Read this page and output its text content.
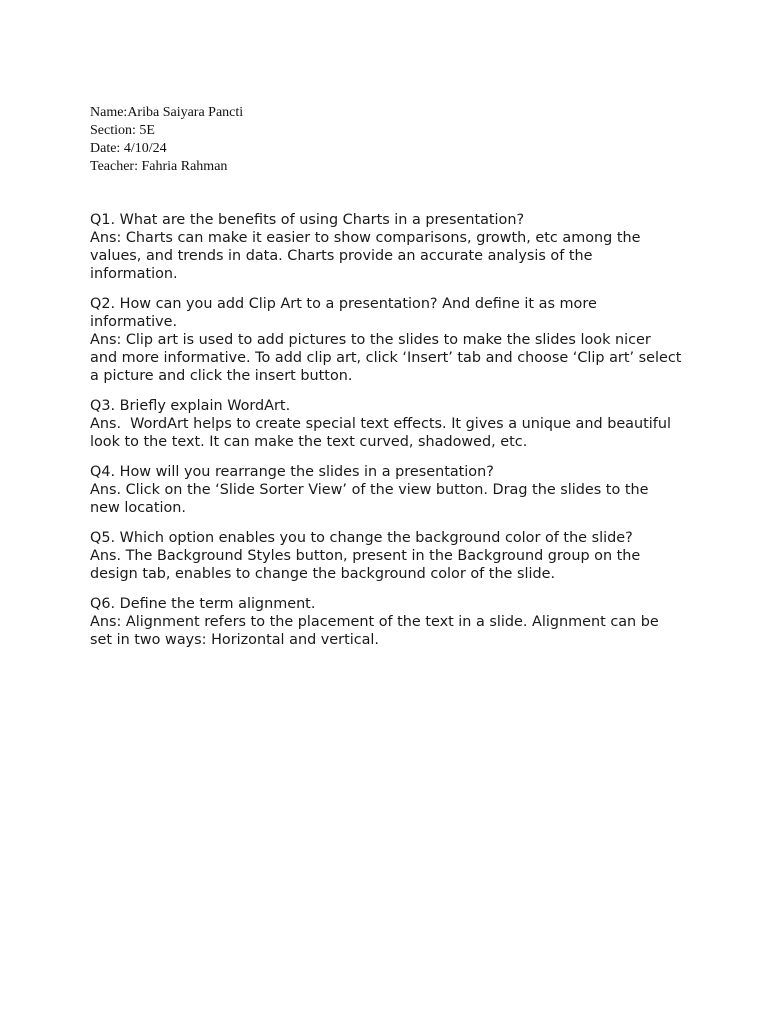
Name:Ariba Saiyara Pancti
Section: 5E
Date: 4/10/24
Teacher: Fahria Rahman

Q1. What are the benefits of using Charts in a presentation?

Ans: Charts can make it easier to show comparisons, growth, etc among the values, and trends in data. Charts provide an accurate analysis of the information.

Q2. How can you add Clip Art to a presentation? And define it as more informative.

Ans: Clip art is used to add pictures to the slides to make the slides look nicer and more informative. To add clip art, click ‘Insert’ tab and choose ‘Clip art’ select a picture and click the insert button.

Q3. Briefly explain WordArt.

Ans.  WordArt helps to create special text effects. It gives a unique and beautiful look to the text. It can make the text curved, shadowed, etc.

Q4. How will you rearrange the slides in a presentation?

Ans. Click on the ‘Slide Sorter View’ of the view button. Drag the slides to the new location.

Q5. Which option enables you to change the background color of the slide?

Ans. The Background Styles button, present in the Background group on the design tab, enables to change the background color of the slide.

Q6. Define the term alignment.

Ans: Alignment refers to the placement of the text in a slide. Alignment can be set in two ways: Horizontal and vertical.
